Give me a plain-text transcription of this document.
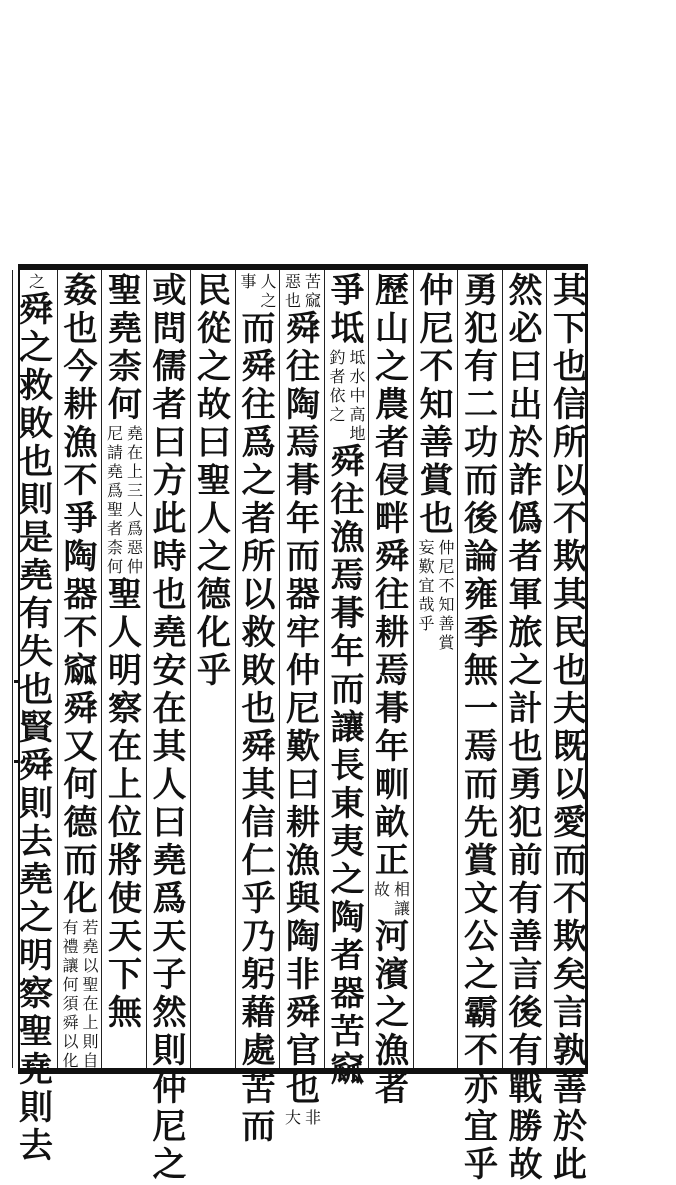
其
下
也
信
所
以
不
欺
其
民
也
夫
既
以
愛
而
不
欺
矣
言
孰
善
於
此
然
必
曰
出
於
詐
僞
者
軍
旅
之
計
也
勇
犯
前
有
善
言
後
有
戰
勝
故
勇
犯
有
二
功
而
後
論
雍
季
無
一
焉
而
先
賞
文
公
之
霸
不
亦
宜
乎
仲
尼
不
知
善
賞
也
仲
尼
不
知
善
賞
妄
歎
宜
哉
乎
歷
山
之
農
者
侵
畔
舜
往
耕
焉
朞
年
甽
畝
正
相
讓
故
河
濱
之
漁
者
爭
坻
坻
水
中
高
地
釣
者
依
之
舜
往
漁
焉
朞
年
而
讓
長
東
夷
之
陶
者
器
苦
窳
苦
窳
惡
也
舜
往
陶
焉
朞
年
而
器
牢
仲
尼
歎
曰
耕
漁
與
陶
非
舜
官
也
非
大
人
之
事
而
舜
往
爲
之
者
所
以
救
敗
也
舜
其
信
仁
乎
乃
躬
藉
處
苦
而
民
從
之
故
曰
聖
人
之
德
化
乎
或
問
儒
者
曰
方
此
時
也
堯
安
在
其
人
曰
堯
爲
天
子
然
則
仲
尼
之
聖
堯
柰
何
堯
在
上
三
人
爲
惡
仲
尼
請
堯
爲
聖
者
柰
何
聖
人
明
察
在
上
位
將
使
天
下
無
姦
也
今
耕
漁
不
爭
陶
器
不
窳
舜
又
何
德
而
化
若
堯
以
聖
在
上
則
自
有
禮
讓
何
須
舜
以
化
之
舜
之
救
敗
也
則
是
堯
有
失
也
賢
舜
則
去
堯
之
明
察
聖
堯
則
去
